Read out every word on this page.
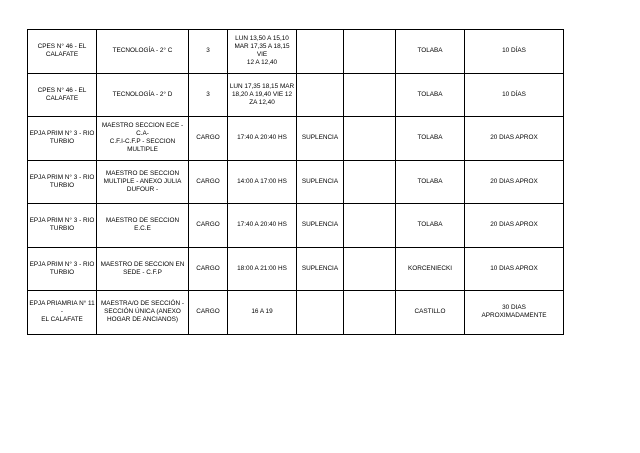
CPES N° 46 - EL
CALAFATE	TECNOLOGÍA - 2° C	3	LUN 13,50 A 15,10
MAR 17,35 A 18,15 VIE
12 A 12,40			TOLABA	10 DÍAS

CPES N° 46 - EL
CALAFATE	TECNOLOGÍA - 2° D	3	LUN 17,35 18,15 MAR
18,20 A 19,40 VIE 12
ZA 12,40			TOLABA	10 DÍAS

EPJA PRIM N° 3 - RIO
TURBIO	MAESTRO SECCION ECE -C.A-
C.F.I-C.F.P - SECCION
MULTIPLE	CARGO	17:40 A 20:40 HS	SUPLENCIA		TOLABA	20 DIAS APROX

EPJA PRIM N° 3 - RIO
TURBIO	MAESTRO DE SECCION
MULTIPLE - ANEXO JULIA
DUFOUR -	CARGO	14:00 A 17:00 HS	SUPLENCIA		TOLABA	20 DIAS APROX

EPJA PRIM N° 3 - RIO
TURBIO	MAESTRO DE SECCION E.C.E	CARGO	17:40 A 20:40 HS	SUPLENCIA		TOLABA	20 DIAS APROX

EPJA PRIM N° 3 - RIO
TURBIO	MAESTRO DE SECCION EN
SEDE - C.F.P	CARGO	18:00 A 21:00 HS	SUPLENCIA		KORCENIECKI	10 DIAS APROX

EPJA PRIAMRIA N° 11 -
EL CALAFATE	MAESTRA/O DE SECCIÓN -
SECCIÓN ÚNICA (ANEXO
HOGAR DE ANCIANOS)	CARGO	16 A 19			CASTILLO	30 DIAS
APROXIMADAMENTE
